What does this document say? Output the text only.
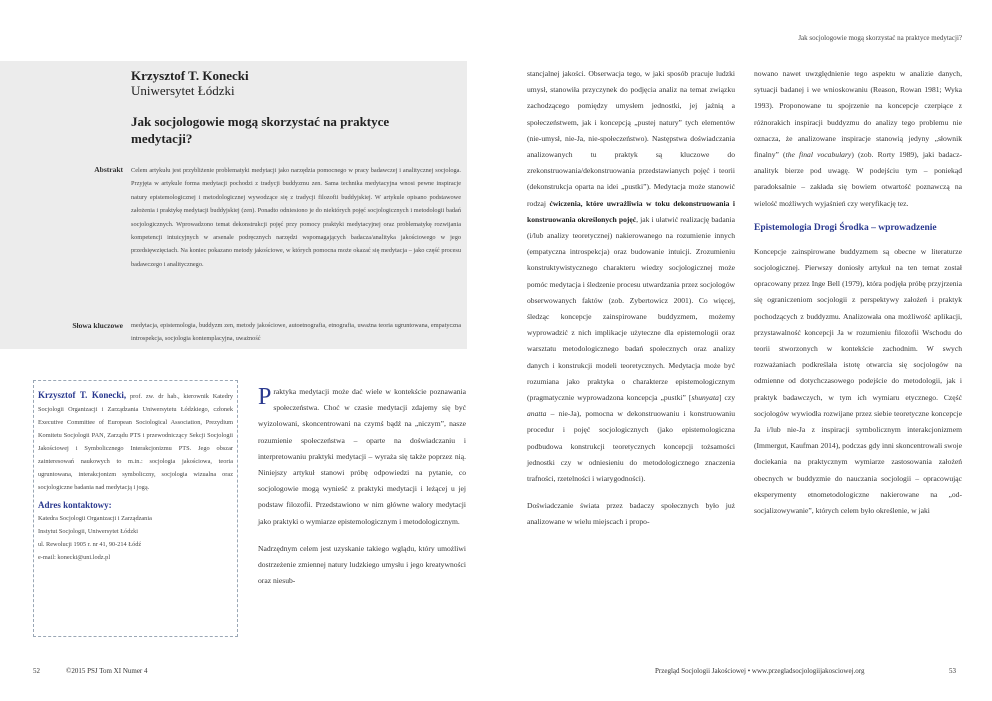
Jak socjologowie mogą skorzystać na praktyce medytacji?
Krzysztof T. Konecki
Uniwersytet Łódzki
Jak socjologowie mogą skorzystać na praktyce medytacji?
Abstrakt Celem artykułu jest przybliżenie problematyki medytacji jako narzędzia pomocnego w pracy badawczej i analitycznej socjologa. Przyjęta w artykule forma medytacji pochodzi z tradycji buddyzmu zen. Sama technika medytacyjna wnosi pewne inspiracje natury epistemologicznej i metodologicznej wywodzące się z tradycji filozofii buddyjskiej. W artykule opisano podstawowe założenia i praktykę medytacji buddyjskiej (zen). Ponadto odniesiono je do niektórych pojęć socjologicznych i metodologii badań socjologicznych. Wprowadzono temat dekonstrukcji pojęć przy pomocy praktyki medytacyjnej oraz problematykę rozwijania kompetencji intuicyjnych w arsenale podręcznych narzędzi wspomagających badacza/analityka jakościowego w jego przedsięwzięciach. Na koniec pokazano metody jakościowe, w których pomocna może okazać się medytacja – jako część procesu badawczego i analitycznego.
Słowa kluczowe medytacja, epistemologia, buddyzm zen, metody jakościowe, autoetnografia, etnografia, uważna teoria ugruntowana, empatyczna introspekcja, socjologia kontemplacyjna, uważność
Krzysztof T. Konecki, prof. zw. dr hab., kierownik Katedry Socjologii Organizacji i Zarządzania Uniwersytetu Łódzkiego, członek Executive Committee of European Sociological Association, Prezydium Komitetu Socjologii PAN, Zarządu PTS i przewodniczący Sekcji Socjologii Jakościowej i Symbolicznego Interakcjonizmu PTS. Jego obszar zainteresowań naukowych to m.in.: socjologia jakościowa, teoria ugruntowana, interakcjonizm symboliczny, socjologia wizualna oraz socjologiczne badania nad medytacją i jogą.
Adres kontaktowy:
Katedra Socjologii Organizacji i Zarządzania
Instytut Socjologii, Uniwersytet Łódzki
ul. Rewolucji 1905 r. nr 41, 90-214 Łódź
e-mail: konecki@uni.lodz.pl
Praktyka medytacji może dać wiele w kontekście poznawania społeczeństwa. Choć w czasie medytacji zdajemy się być wyizolowani, skoncentrowani na czymś bądź na „niczym”, nasze rozumienie społeczeństwa – oparte na doświadczaniu i interpretowaniu praktyki medytacji – wyraża się także poprzez nią. Niniejszy artykuł stanowi próbę odpowiedzi na pytanie, co socjologowie mogą wynieść z praktyki medytacji i leżącej u jej podstaw filozofii. Przedstawiono w nim główne walory medytacji jako praktyki o wymiarze epistemologicznym i metodologicznym.
Nadrzędnym celem jest uzyskanie takiego wglądu, który umożliwi dostrzeżenie zmiennej natury ludzkiego umysłu i jego kreatywności oraz niesub-
52	©2015 PSJ Tom XI Numer 4
stancjalnej jakości. Obserwacja tego, w jaki sposób pracuje ludzki umysł, stanowiła przyczynek do podjęcia analiz na temat związku zachodzącego pomiędzy umysłem jednostki, jej jaźnią a społeczeństwem, jak i koncepcją „pustej natury” tych elementów (nie-umysł, nie-Ja, nie-społeczeństwo). Następstwa doświadczania analizowanych tu praktyk są kluczowe do zrekonstruowania/dekonstruowania przedstawianych pojęć i teorii (dekonstrukcja oparta na idei „pustki”). Medytacja może stanowić rodzaj ćwiczenia, które uwrażliwia w toku dekonstruowania i konstruowania określonych pojęć, jak i ułatwić realizację badania (i/lub analizy teoretycznej) nakierowanego na rozumienie innych (empatyczna introspekcja) oraz budowanie intuicji. Zrozumieniu konstruktywistycznego charakteru wiedzy socjologicznej może pomóc medytacja i śledzenie procesu utwardzania przez socjologów obserwowanych faktów (zob. Zybertowicz 2001). Co więcej, śledząc koncepcje zainspirowane buddyzmem, możemy wyprowadzić z nich implikacje użyteczne dla epistemologii oraz warsztatu metodologicznego badań społecznych oraz analizy danych i konstrukcji modeli teoretycznych. Medytacja może być rozumiana jako praktyka o charakterze epistemologicznym (pragmatycznie wyprowadzona koncepcja „pustki” [shunyata] czy anatta – nie-Ja), pomocna w dekonstruowaniu i konstruowaniu procedur i pojęć socjologicznych (jako epistemologiczna podbudowa konstrukcji teoretycznych koncepcji tożsamości jednostki czy w odniesieniu do metodologicznego znaczenia trafności, rzetelności i wiarygodności).
Doświadczanie świata przez badaczy społecznych było już analizowane w wielu miejscach i propo-
nowano nawet uwzględnienie tego aspektu w analizie danych, sytuacji badanej i we wnioskowaniu (Reason, Rowan 1981; Wyka 1993). Proponowane tu spojrzenie na koncepcje czerpiące z różnorakich inspiracji buddyzmu do analizy tego problemu nie oznacza, że analizowane inspiracje stanowią jedyny „słownik finalny” (the final vocabulary) (zob. Rorty 1989), jaki badacz-analityk bierze pod uwagę. W podejściu tym – poniekąd paradoksalnie – zakłada się bowiem otwartość poznawczą na wielość możliwych wyjaśnień czy weryfikację tez.
Epistemologia Drogi Środka – wprowadzenie
Koncepcje zainspirowane buddyzmem są obecne w literaturze socjologicznej. Pierwszy doniosły artykuł na ten temat został opracowany przez Inge Bell (1979), która podjęła próbę przyjrzenia się ograniczeniom socjologii z perspektywy założeń i praktyk pochodzących z buddyzmu. Analizowała ona możliwość aplikacji, przystawalność koncepcji Ja w rozumieniu filozofii Wschodu do teorii stworzonych w kontekście zachodnim. W swych rozważaniach podkreślała istotę otwarcia się socjologów na odmienne od dotychczasowego podejście do metodologii, jak i praktyk badawczych, w tym ich wymiaru etycznego. Część socjologów wywiodła rozwijane przez siebie teoretyczne koncepcje Ja i/lub nie-Ja z inspiracji symbolicznym interakcjonizmem (Immergut, Kaufman 2014), podczas gdy inni skoncentrowali swoje dociekania na praktycznym wymiarze zastosowania założeń obecnych w buddyzmie do nauczania socjologii – opracowując eksperymenty etnometodologiczne nakierowane na „od-socjalizowywanie”, których celem było określenie, w jaki
Przegląd Socjologii Jakościowej • www.przegladsocjologiijakosciowej.org	53
